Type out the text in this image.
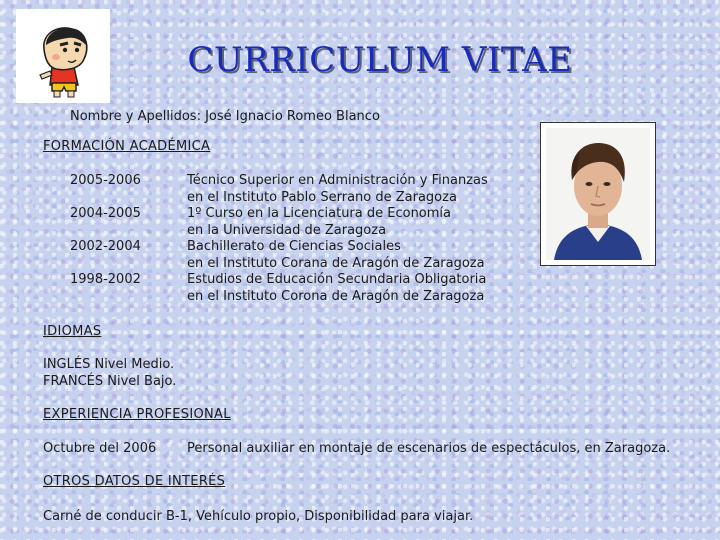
CURRICULUM VITAE
Nombre y Apellidos: José Ignacio Romeo Blanco
FORMACIÓN ACADÉMICA
2005-2006	Técnico Superior en Administración y Finanzas
en el Instituto Pablo Serrano de Zaragoza
2004-2005	1º Curso en la Licenciatura de Economía
en la Universidad de Zaragoza
2002-2004	Bachillerato de Ciencias Sociales
en el Instituto Corana de Aragón de Zaragoza
1998-2002	Estudios de Educación Secundaria Obligatoria
en el Instituto Corona de Aragón de Zaragoza
IDIOMAS
INGLÉS Nivel Medio.
FRANCÉS Nivel Bajo.
EXPERIENCIA PROFESIONAL
Octubre del 2006 Personal auxiliar en montaje de escenarios de espectáculos, en Zaragoza.
OTROS DATOS DE INTERÉS
Carné de conducir B-1, Vehículo propio, Disponibilidad para viajar.
